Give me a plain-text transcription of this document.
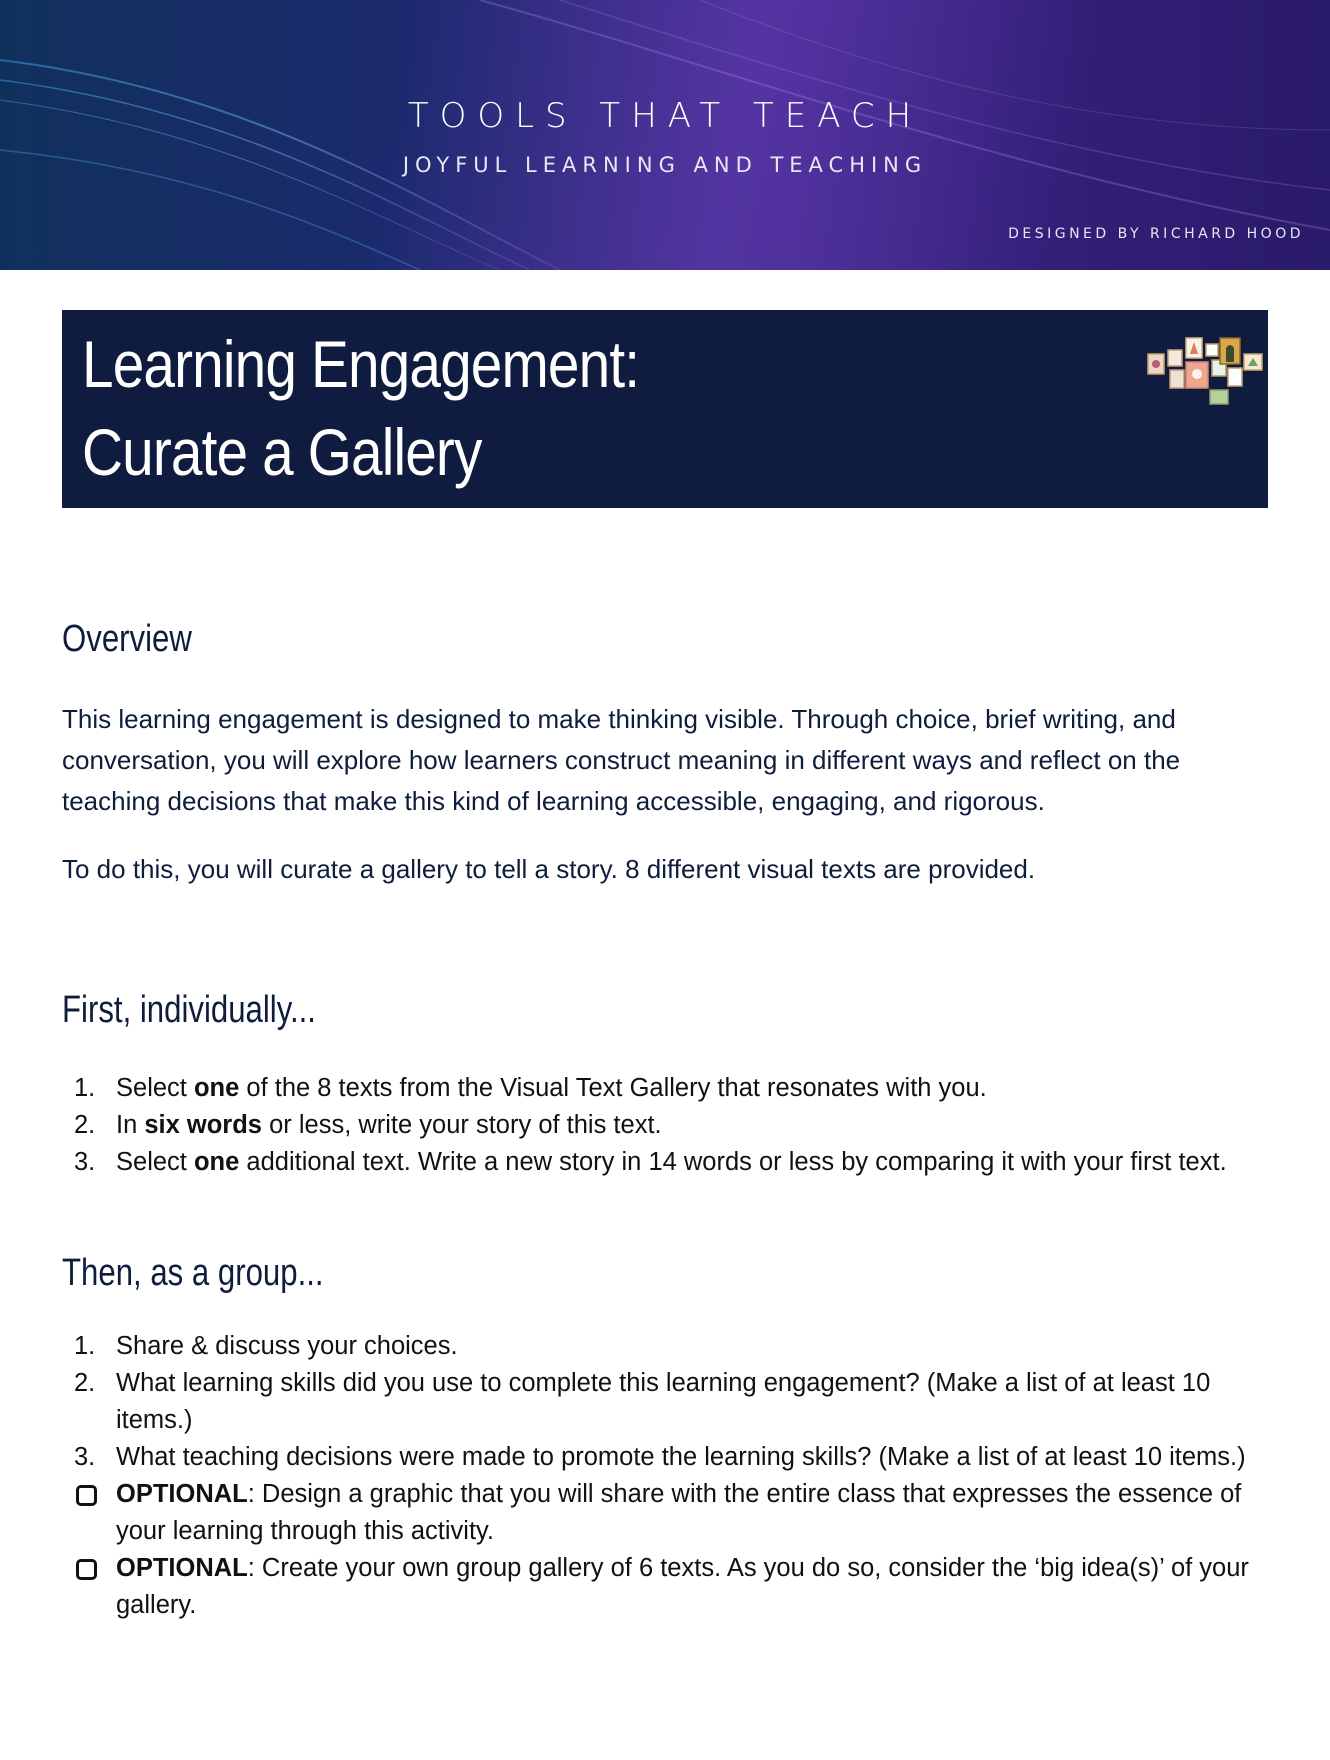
TOOLS THAT TEACH
JOYFUL LEARNING AND TEACHING
DESIGNED BY RICHARD HOOD
Learning Engagement:
Curate a Gallery
Overview
This learning engagement is designed to make thinking visible. Through choice, brief writing, and conversation, you will explore how learners construct meaning in different ways and reflect on the teaching decisions that make this kind of learning accessible, engaging, and rigorous.
To do this, you will curate a gallery to tell a story. 8 different visual texts are provided.
First, individually...
1. Select one of the 8 texts from the Visual Text Gallery that resonates with you.
2. In six words or less, write your story of this text.
3. Select one additional text. Write a new story in 14 words or less by comparing it with your first text.
Then, as a group...
1. Share & discuss your choices.
2. What learning skills did you use to complete this learning engagement? (Make a list of at least 10 items.)
3. What teaching decisions were made to promote the learning skills? (Make a list of at least 10 items.)
OPTIONAL: Design a graphic that you will share with the entire class that expresses the essence of your learning through this activity.
OPTIONAL: Create your own group gallery of 6 texts. As you do so, consider the ‘big idea(s)’ of your gallery.
